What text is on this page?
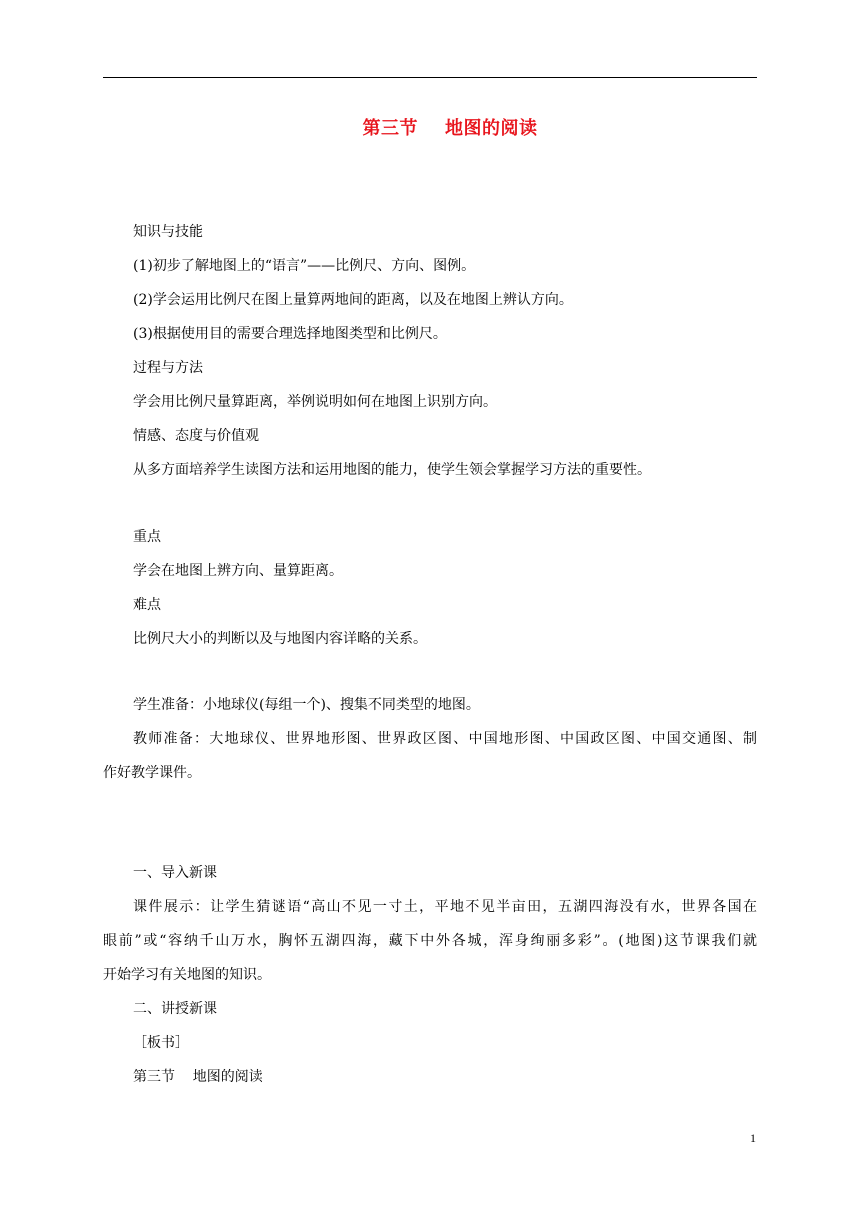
第三节    地图的阅读
知识与技能
(1)初步了解地图上的“语言”——比例尺、方向、图例。
(2)学会运用比例尺在图上量算两地间的距离，以及在地图上辨认方向。
(3)根据使用目的需要合理选择地图类型和比例尺。
过程与方法
学会用比例尺量算距离，举例说明如何在地图上识别方向。
情感、态度与价值观
从多方面培养学生读图方法和运用地图的能力，使学生领会掌握学习方法的重要性。
重点
学会在地图上辨方向、量算距离。
难点
比例尺大小的判断以及与地图内容详略的关系。
学生准备：小地球仪(每组一个)、搜集不同类型的地图。
教师准备：大地球仪、世界地形图、世界政区图、中国地形图、中国政区图、中国交通图、制
作好教学课件。
一、导入新课
课件展示：让学生猜谜语“高山不见一寸土，平地不见半亩田，五湖四海没有水，世界各国在
眼前”或“容纳千山万水，胸怀五湖四海，藏下中外各城，浑身绚丽多彩”。(地图)这节课我们就
开始学习有关地图的知识。
二、讲授新课
［板书］
第三节    地图的阅读
1
